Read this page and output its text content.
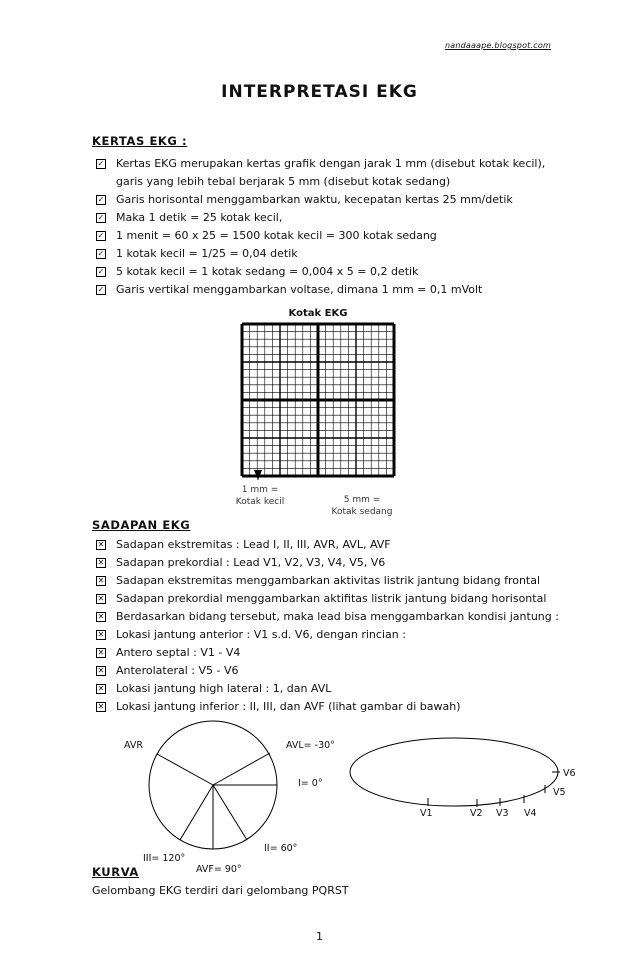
nandaaape.blogspot.com
INTERPRETASI EKG
KERTAS EKG :
✓ Kertas EKG merupakan kertas grafik dengan jarak 1 mm (disebut kotak kecil), garis yang lebih tebal berjarak 5 mm (disebut kotak sedang)
✓ Garis horisontal menggambarkan waktu, kecepatan kertas 25 mm/detik
✓ Maka 1 detik = 25 kotak kecil,
✓ 1 menit = 60 x 25 = 1500 kotak kecil = 300 kotak sedang
✓ 1 kotak kecil = 1/25 = 0,04 detik
✓ 5 kotak kecil = 1 kotak sedang = 0,004 x 5 = 0,2 detik
✓ Garis vertikal menggambarkan voltase, dimana 1 mm = 0,1 mVolt
Kotak EKG
1 mm =
Kotak kecil	5 mm =
Kotak sedang
SADAPAN EKG
✕ Sadapan ekstremitas : Lead I, II, III, AVR, AVL, AVF
✕ Sadapan prekordial : Lead V1, V2, V3, V4, V5, V6
✕ Sadapan ekstremitas menggambarkan aktivitas listrik jantung bidang frontal
✕ Sadapan prekordial menggambarkan aktifitas listrik jantung bidang horisontal
✕ Berdasarkan bidang tersebut, maka lead bisa menggambarkan kondisi jantung :
✕ Lokasi jantung anterior : V1 s.d. V6, dengan rincian :
✕ Antero septal : V1 - V4
✕ Anterolateral : V5 - V6
✕ Lokasi jantung high lateral : 1, dan AVL
✕ Lokasi jantung inferior : II, III, dan AVF (lihat gambar di bawah)
AVR	AVL= -30°
I= 0°
II= 60°
III= 120°
AVF= 90°
V1	V2 V3 V4
V5
V6
KURVA
Gelombang EKG terdiri dari gelombang PQRST
1
